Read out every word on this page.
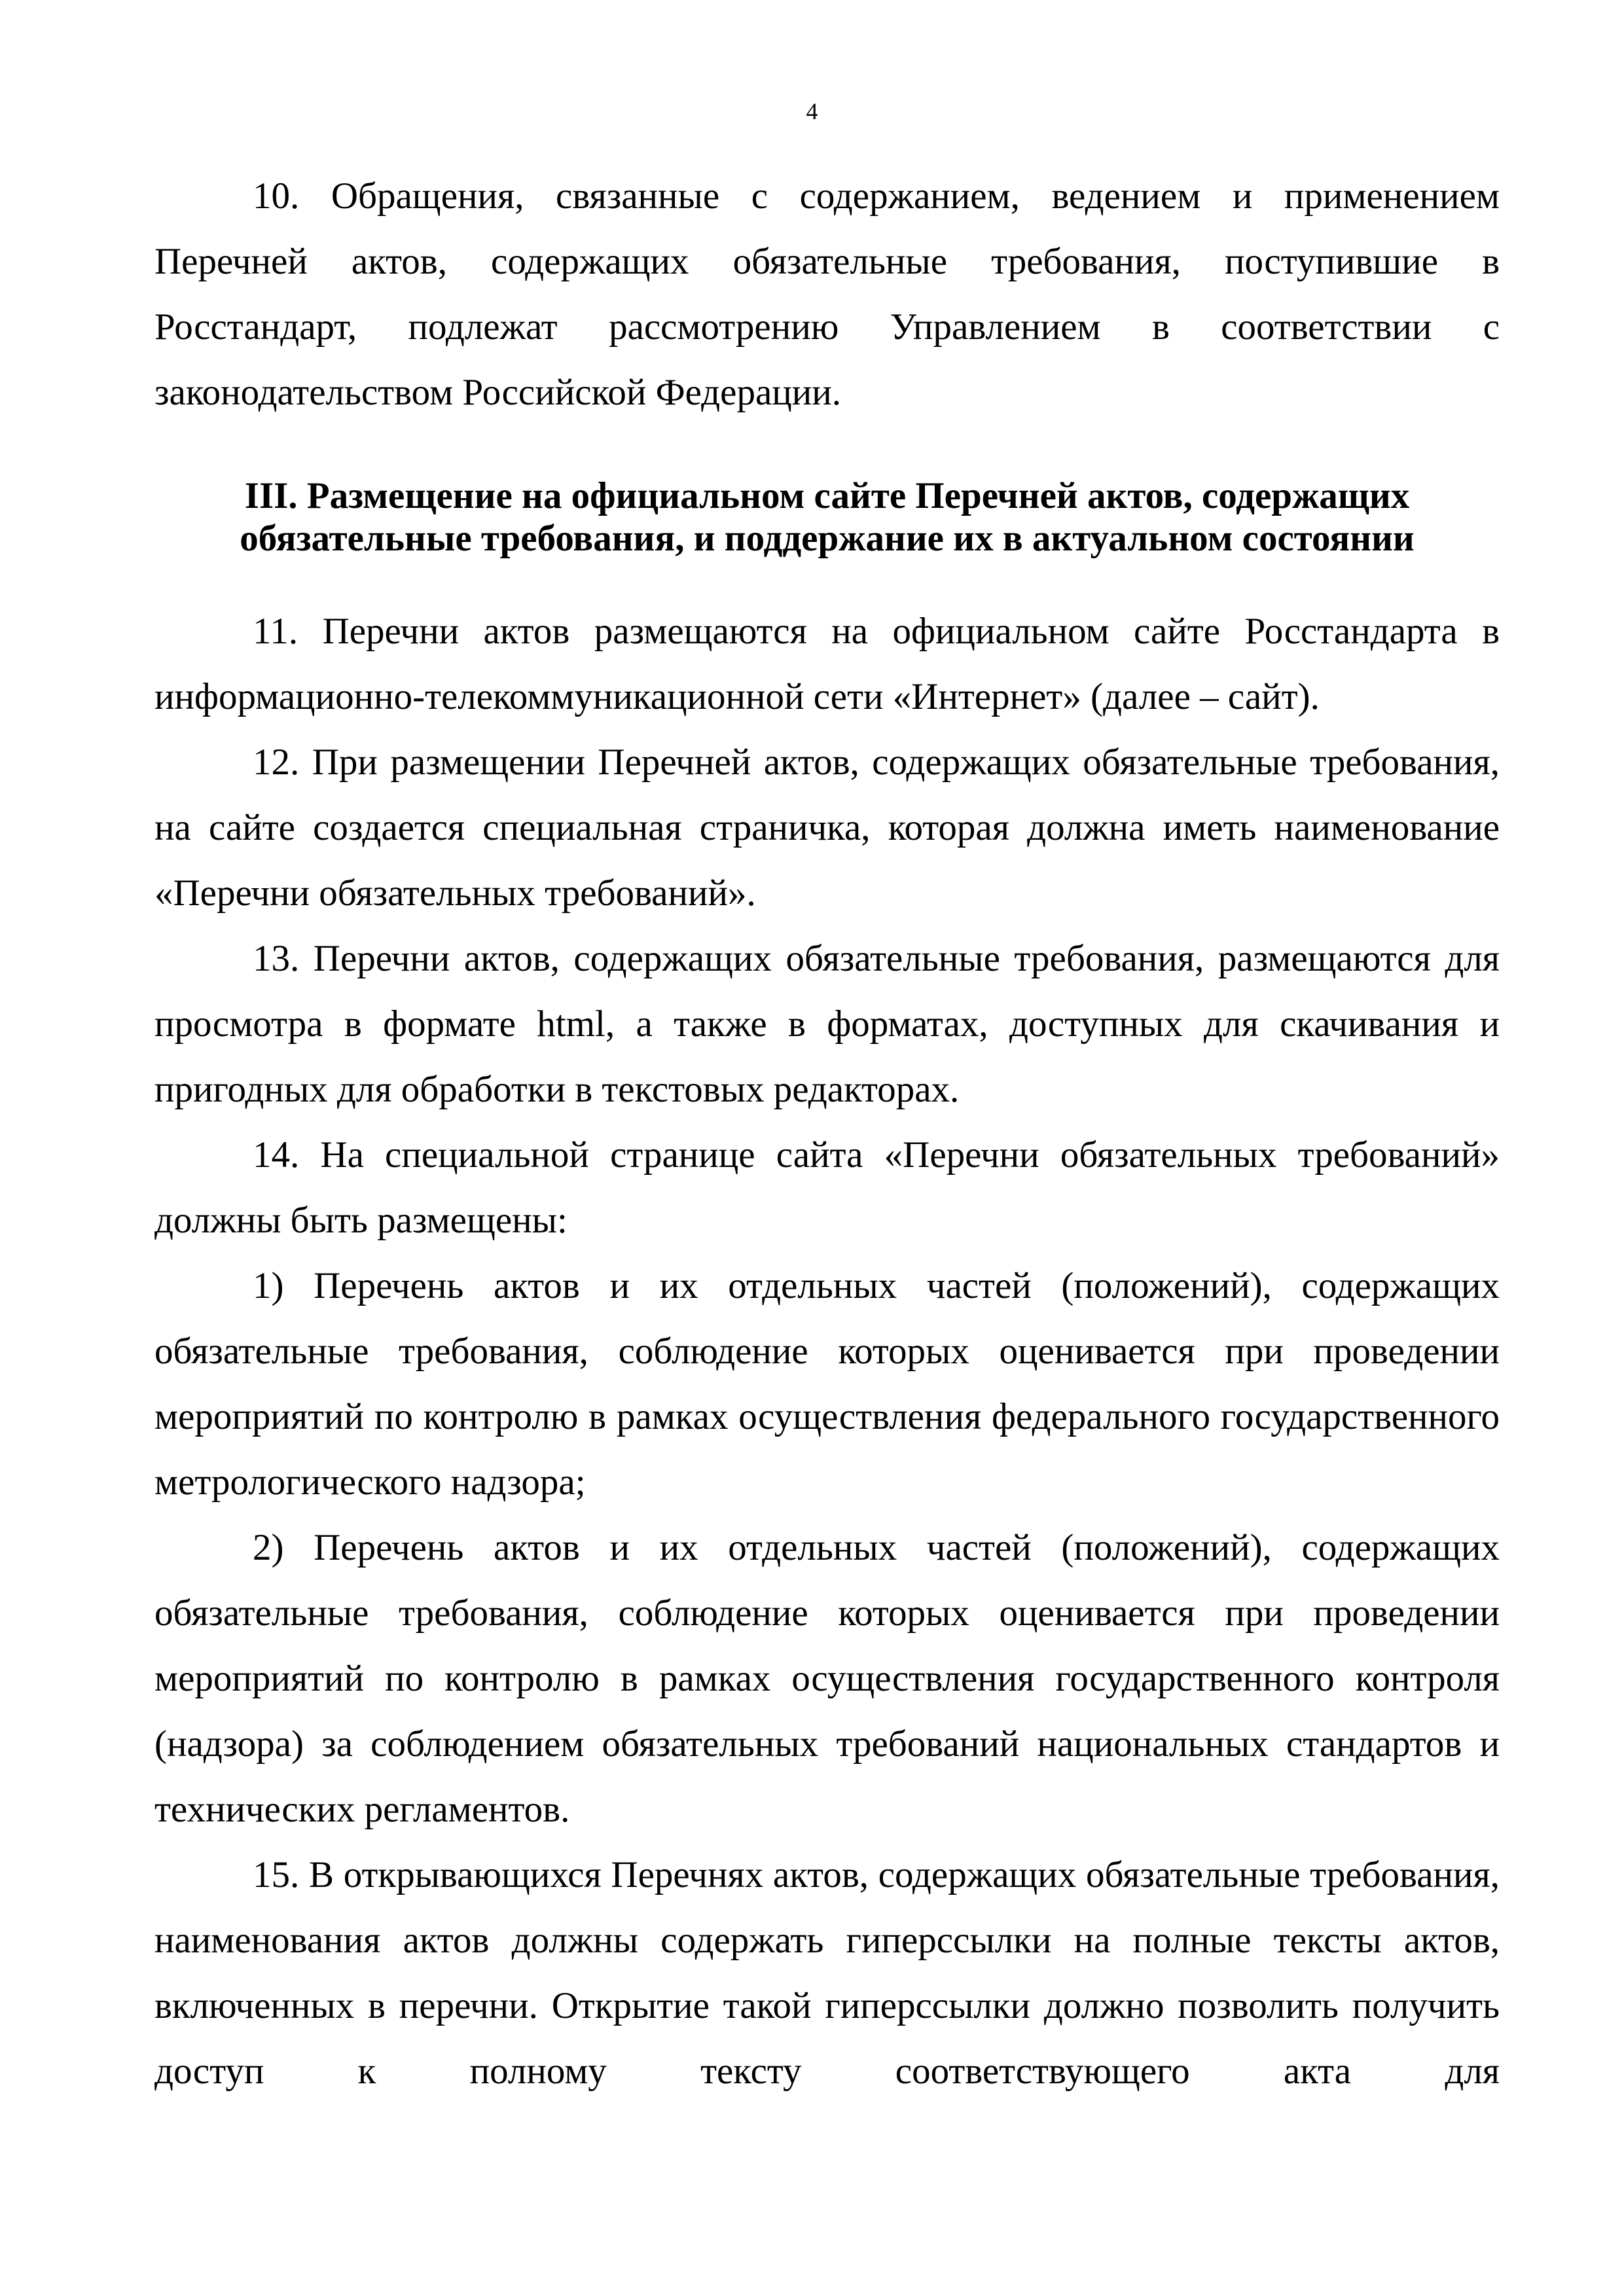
4

10. Обращения, связанные с содержанием, ведением и применением Перечней актов, содержащих обязательные требования, поступившие в Росстандарт, подлежат рассмотрению Управлением в соответствии с законодательством Российской Федерации.

III. Размещение на официальном сайте Перечней актов, содержащих
обязательные требования, и поддержание их в актуальном состоянии

11. Перечни актов размещаются на официальном сайте Росстандарта в информационно-телекоммуникационной сети «Интернет» (далее – сайт).

12. При размещении Перечней актов, содержащих обязательные требования, на сайте создается специальная страничка, которая должна иметь наименование «Перечни обязательных требований».

13. Перечни актов, содержащих обязательные требования, размещаются для просмотра в формате html, а также в форматах, доступных для скачивания и пригодных для обработки в текстовых редакторах.

14. На специальной странице сайта «Перечни обязательных требований» должны быть размещены:

1) Перечень актов и их отдельных частей (положений), содержащих обязательные требования, соблюдение которых оценивается при проведении мероприятий по контролю в рамках осуществления федерального государственного метрологического надзора;

2) Перечень актов и их отдельных частей (положений), содержащих обязательные требования, соблюдение которых оценивается при проведении мероприятий по контролю в рамках осуществления государственного контроля (надзора) за соблюдением обязательных требований национальных стандартов и технических регламентов.

15. В открывающихся Перечнях актов, содержащих обязательные требования, наименования актов должны содержать гиперссылки на полные тексты актов, включенных в перечни. Открытие такой гиперссылки должно позволить получить доступ к полному тексту соответствующего акта для
